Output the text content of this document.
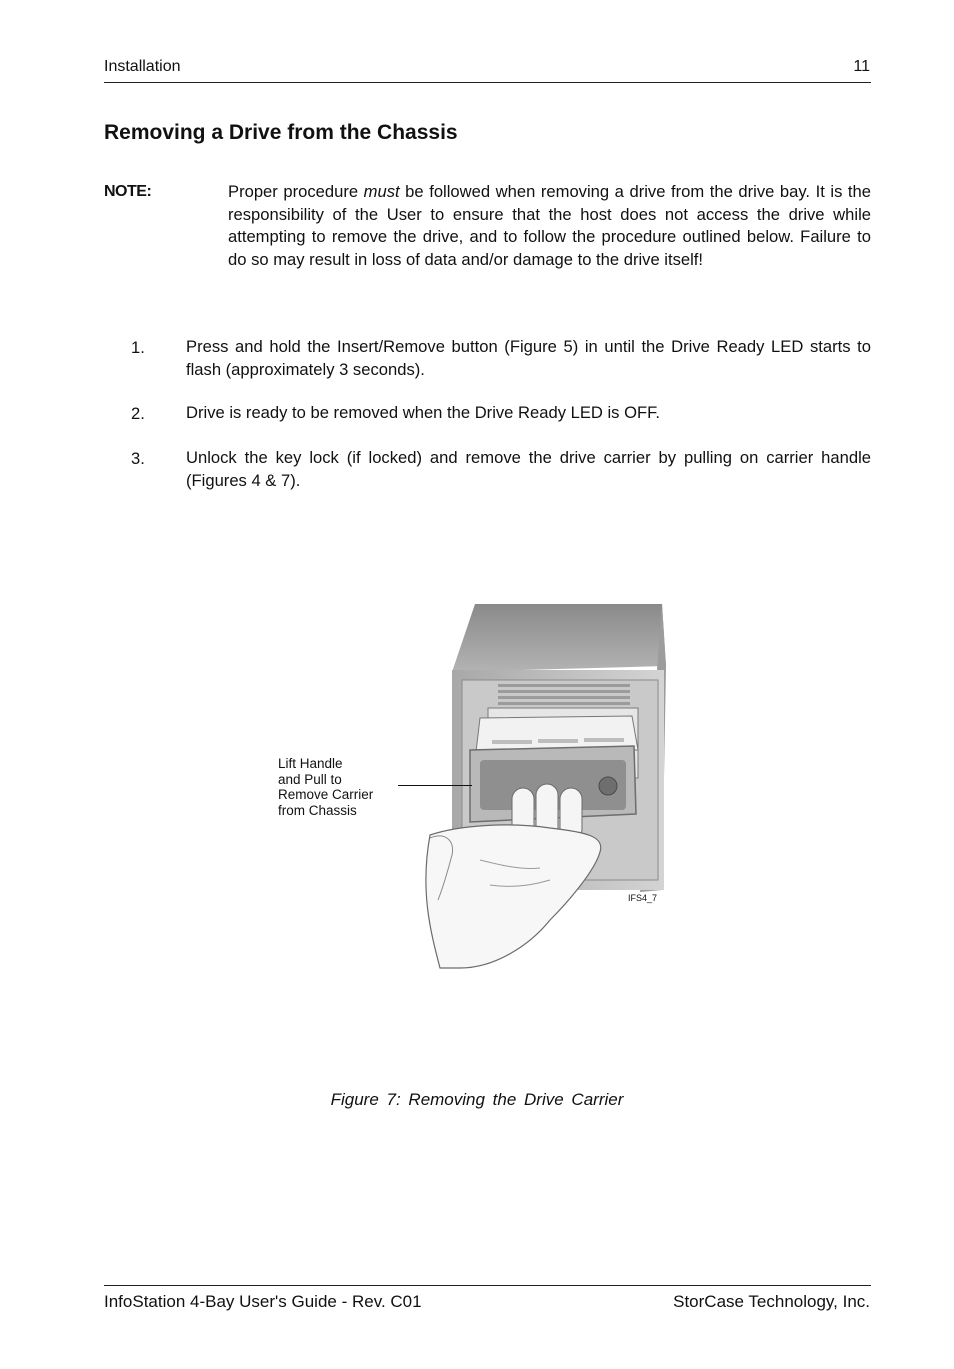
Installation	11
Removing a Drive from the Chassis
NOTE:	Proper procedure must be followed when removing a drive from the drive bay. It is the responsibility of the User to ensure that the host does not access the drive while attempting to remove the drive, and to follow the procedure outlined below. Failure to do so may result in loss of data and/or damage to the drive itself!
1. Press and hold the Insert/Remove button (Figure 5) in until the Drive Ready LED starts to flash (approximately 3 seconds).
2. Drive is ready to be removed when the Drive Ready LED is OFF.
3. Unlock the key lock (if locked) and remove the drive carrier by pulling on carrier handle (Figures 4 & 7).
Lift Handle
and Pull to
Remove Carrier
from Chassis
IFS4_7
Figure 7: Removing the Drive Carrier
InfoStation 4-Bay User's Guide - Rev. C01	StorCase Technology, Inc.
